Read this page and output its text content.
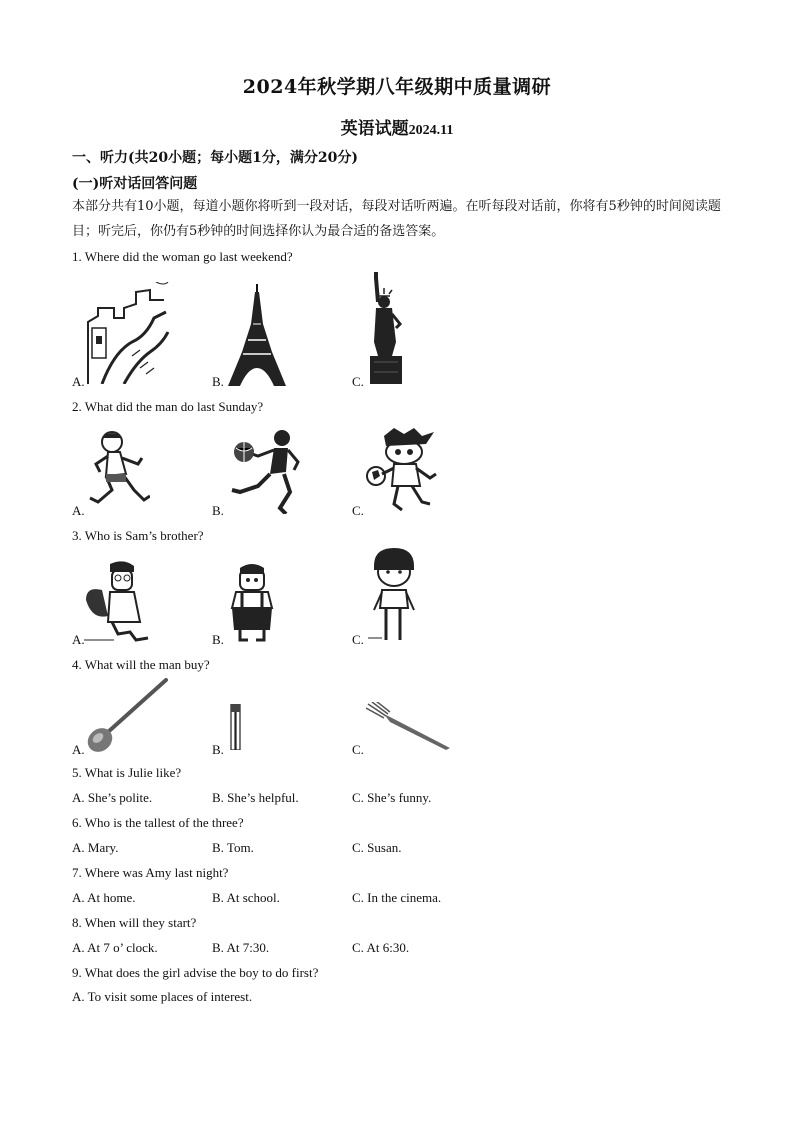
2024年秋学期八年级期中质量调研
英语试题2024.11
一、听力(共20小题；每小题1分，满分20分)
(一)听对话回答问题
本部分共有10小题，每道小题你将听到一段对话，每段对话听两遍。在听每段对话前，你将有5秒钟的时间阅读题目；听完后，你仍有5秒钟的时间选择你认为最合适的备选答案。
1. Where did the woman go last weekend?
A.	B.	C.
2. What did the man do last Sunday?
A.	B.	C.
3. Who is Sam’s brother?
A.	B.	C.
4. What will the man buy?
A.	B.	C.
5. What is Julie like?
A. She’s polite.	B. She’s helpful.	C. She’s funny.
6. Who is the tallest of the three?
A. Mary.	B. Tom.	C. Susan.
7. Where was Amy last night?
A. At home.	B. At school.	C. In the cinema.
8. When will they start?
A. At 7 o’ clock.	B. At 7:30.	C. At 6:30.
9. What does the girl advise the boy to do first?
A. To visit some places of interest.
